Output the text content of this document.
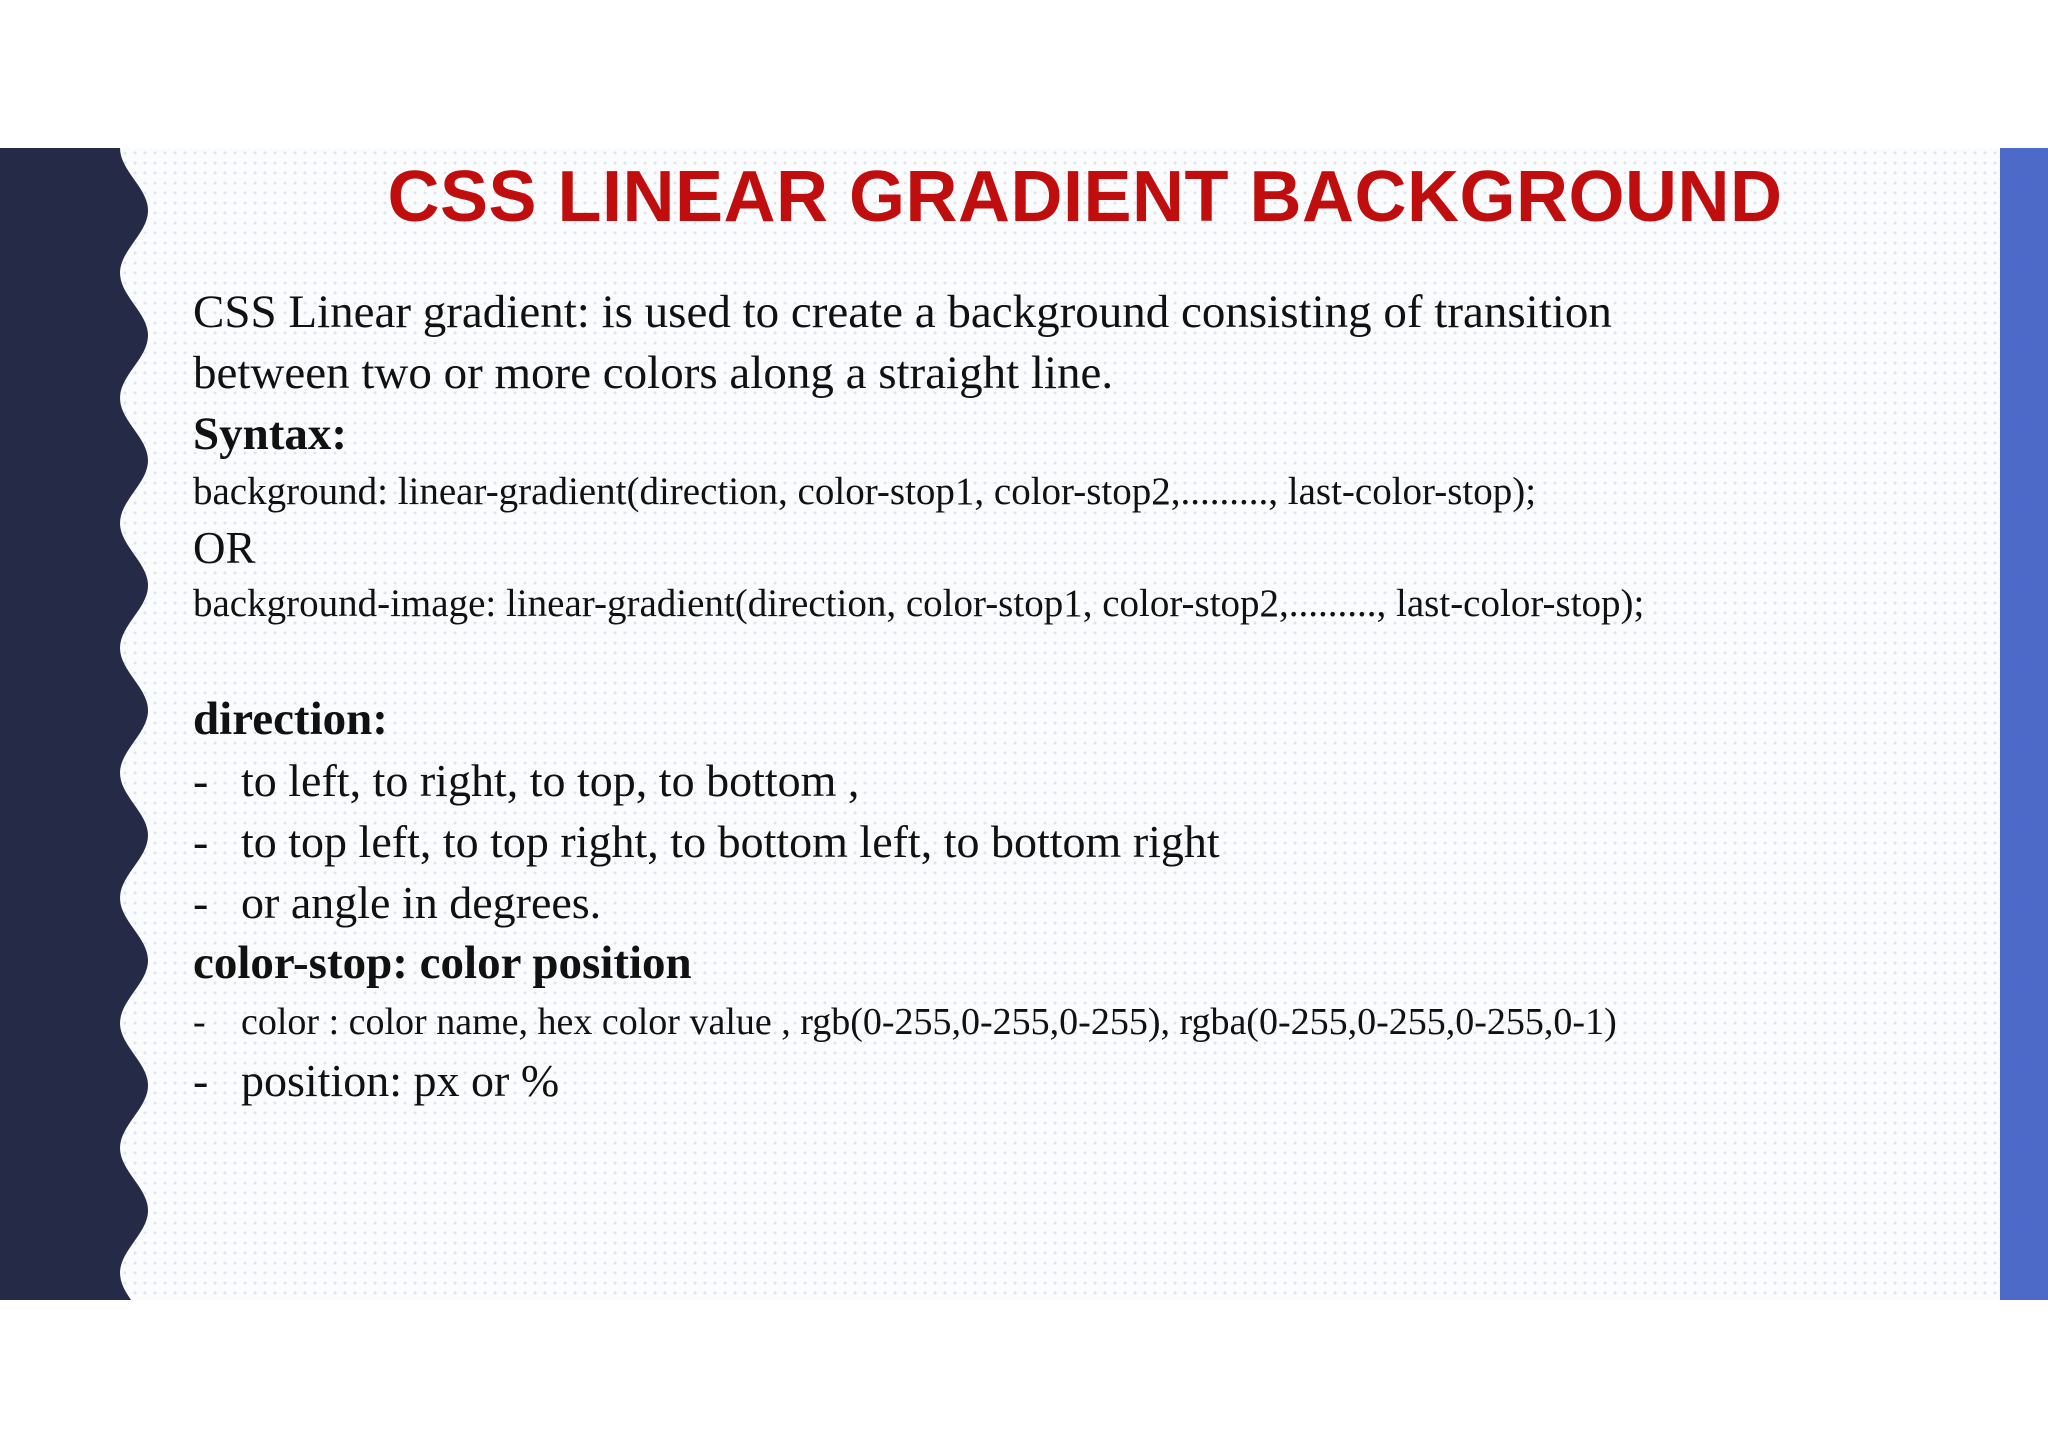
CSS LINEAR GRADIENT BACKGROUND

CSS Linear gradient: is used to create a background consisting of transition

between two or more colors along a straight line.

Syntax:

background: linear-gradient(direction, color-stop1, color-stop2,........., last-color-stop);

OR

background-image: linear-gradient(direction, color-stop1, color-stop2,........., last-color-stop);

direction:

- to left, to right, to top, to bottom ,
- to top left, to top right, to bottom left, to bottom right
- or angle in degrees.

color-stop: color position

- color : color name, hex color value , rgb(0-255,0-255,0-255), rgba(0-255,0-255,0-255,0-1)
- position: px or %
